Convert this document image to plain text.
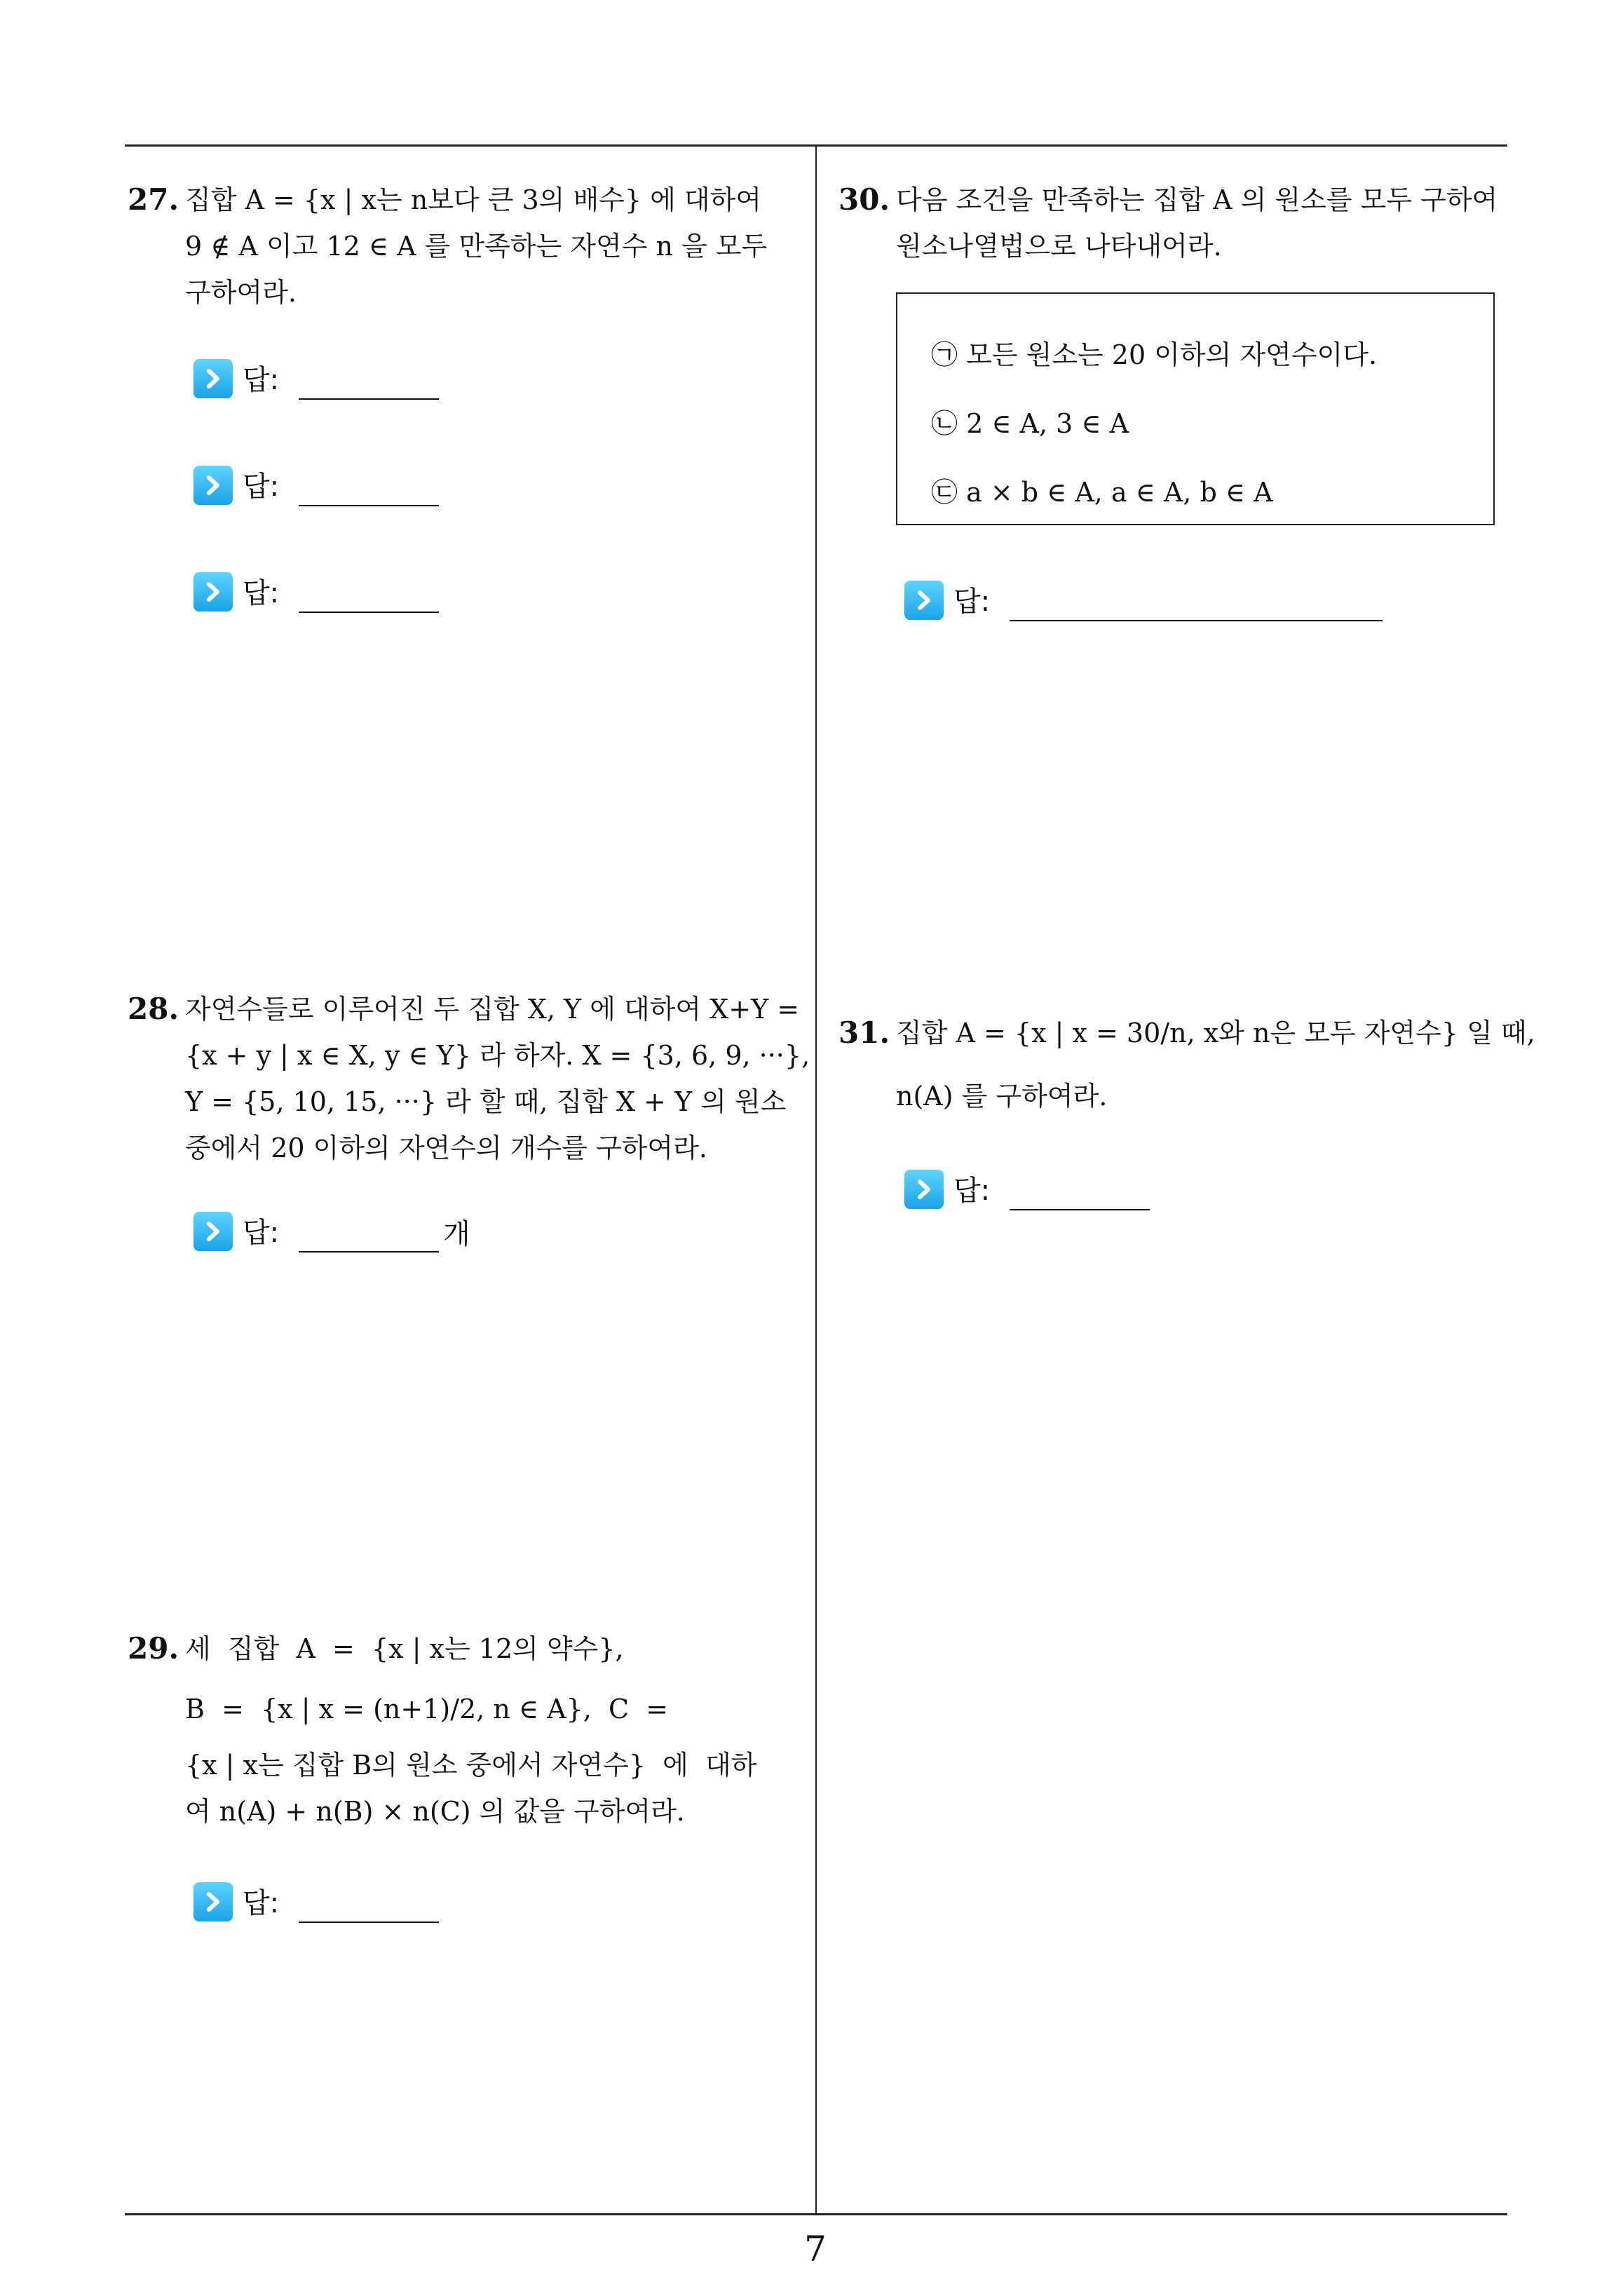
27. 집합 A = {x | x는 n보다 큰 3의 배수} 에 대하여
9 ∉ A 이고 12 ∈ A 를 만족하는 자연수 n 을 모두
구하여라.
답:
답:
답:
28. 자연수들로 이루어진 두 집합 X, Y 에 대하여 X+Y =
{x + y | x ∈ X, y ∈ Y} 라 하자. X = {3, 6, 9, ···},
Y = {5, 10, 15, ···} 라 할 때, 집합 X + Y 의 원소
중에서 20 이하의 자연수의 개수를 구하여라.
답:	개
29. 세  집합  A  =  {x | x는 12의 약수},
B  =  {x | x = (n+1)/2, n ∈ A},  C  =
{x | x는 집합 B의 원소 중에서 자연수}  에  대하
여 n(A) + n(B) × n(C) 의 값을 구하여라.
답:
30. 다음 조건을 만족하는 집합 A 의 원소를 모두 구하여
원소나열법으로 나타내어라.
㉠ 모든 원소는 20 이하의 자연수이다.
㉡ 2 ∈ A, 3 ∈ A
㉢ a × b ∈ A, a ∈ A, b ∈ A
답:
31. 집합 A = {x | x = 30/n, x와 n은 모두 자연수} 일 때,
n(A) 를 구하여라.
답:
7
